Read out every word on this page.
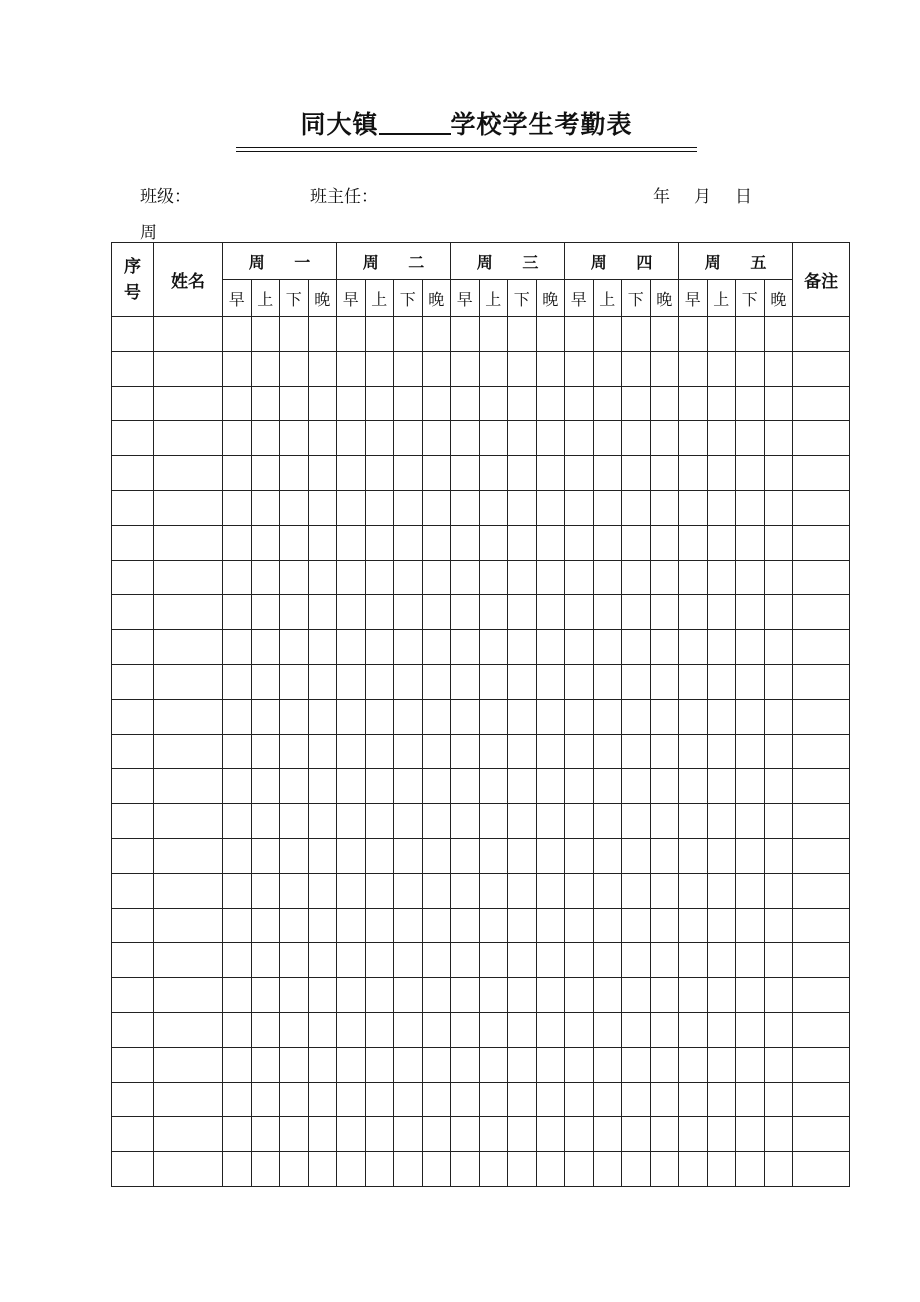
同大镇	学校学生考勤表
班级：	班主任：	年 月 日
周
序号	姓名	周 一				周 二				周 三				周 四				周 五				备注
		早	上	下	晚	早	上	下	晚	早	上	下	晚	早	上	下	晚	早	上	下	晚	
